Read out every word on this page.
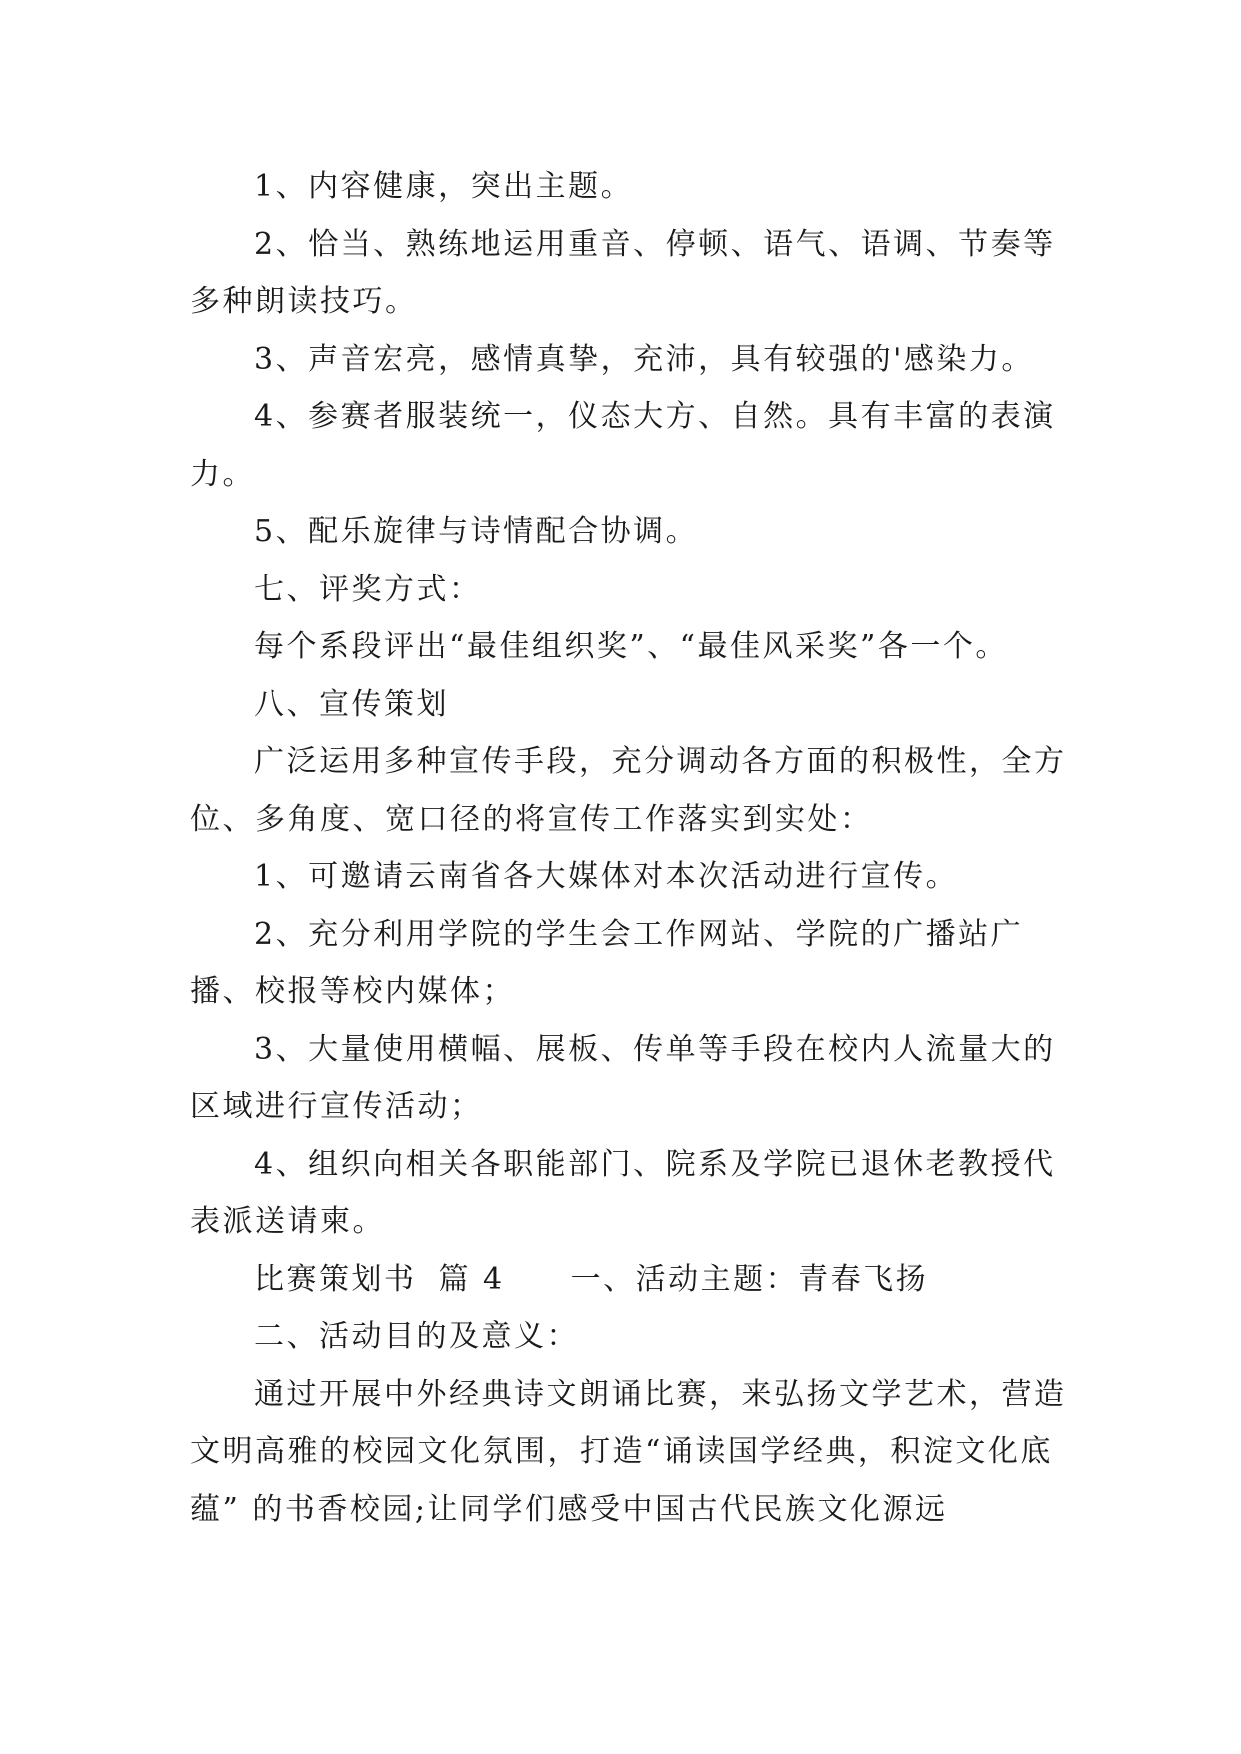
1、内容健康，突出主题。

2、恰当、熟练地运用重音、停顿、语气、语调、节奏等多种朗读技巧。

3、声音宏亮，感情真挚，充沛，具有较强的'感染力。

4、参赛者服装统一，仪态大方、自然。具有丰富的表演力。

5、配乐旋律与诗情配合协调。

七、评奖方式：

每个系段评出“最佳组织奖”、“最佳风采奖”各一个。

八、宣传策划

广泛运用多种宣传手段，充分调动各方面的积极性，全方位、多角度、宽口径的将宣传工作落实到实处：

1、可邀请云南省各大媒体对本次活动进行宣传。

2、充分利用学院的学生会工作网站、学院的广播站广播、校报等校内媒体；

3、大量使用横幅、展板、传单等手段在校内人流量大的区域进行宣传活动；

4、组织向相关各职能部门、院系及学院已退休老教授代表派送请柬。

比赛策划书 篇 4 一、活动主题：青春飞扬

二、活动目的及意义：

通过开展中外经典诗文朗诵比赛，来弘扬文学艺术，营造文明高雅的校园文化氛围，打造“诵读国学经典，积淀文化底蕴” 的书香校园;让同学们感受中国古代民族文化源远
